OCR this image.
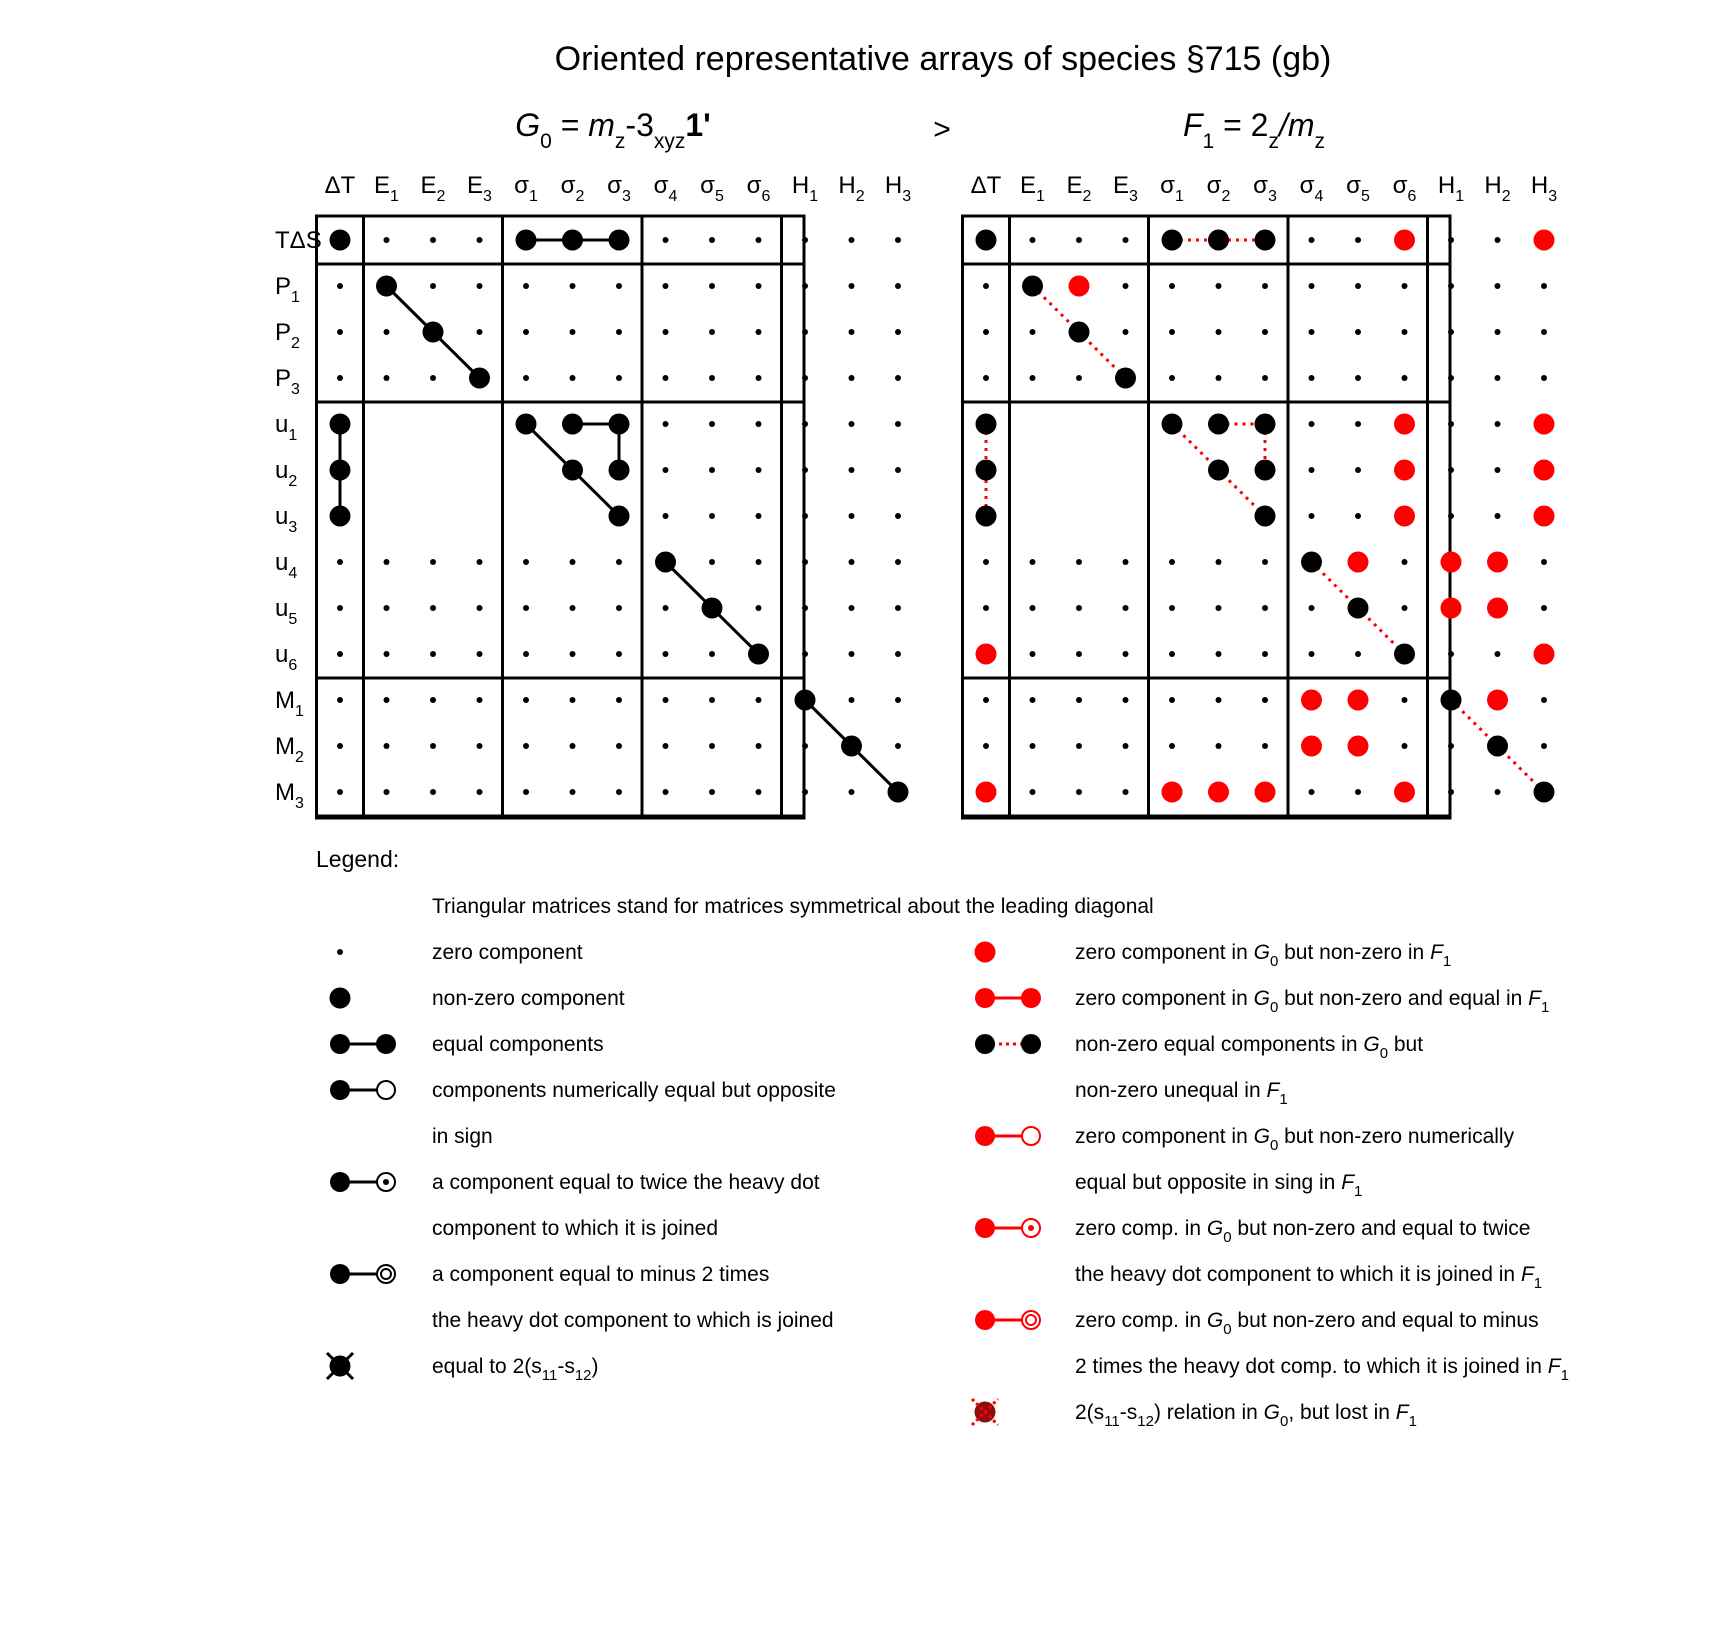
Oriented representative arrays of species §715 (gb)
$G_0 = m_z-3_{xyz}1'$	>	$F_1 = 2_z/m_z$
ΔT $E_1$ $E_2$ $E_3$ $\sigma_1$ $\sigma_2$ $\sigma_3$ $\sigma_4$ $\sigma_5$ $\sigma_6$ $H_1$ $H_2$ $H_3$
TΔS
$P_1$
$P_2$
$P_3$
$u_1$
$u_2$
$u_3$
$u_4$
$u_5$
$u_6$
$M_1$
$M_2$
$M_3$
ΔT $E_1$ $E_2$ $E_3$ $\sigma_1$ $\sigma_2$ $\sigma_3$ $\sigma_4$ $\sigma_5$ $\sigma_6$ $H_1$ $H_2$ $H_3$
Legend:
Triangular matrices stand for matrices symmetrical about the leading diagonal
zero component
non-zero component
equal components
components numerically equal but opposite
in sign
a component equal to twice the heavy dot
component to which it is joined
a component equal to minus 2 times
the heavy dot component to which is joined
equal to $2(s_{11}-s_{12})$
zero component in $G_0$ but non-zero in $F_1$
zero component in $G_0$ but non-zero and equal in $F_1$
non-zero equal components in $G_0$ but
non-zero unequal in $F_1$
zero component in $G_0$ but non-zero numerically
equal but opposite in sing in $F_1$
zero comp. in $G_0$ but non-zero and equal to twice
the heavy dot component to which it is joined in $F_1$
zero comp. in $G_0$ but non-zero and equal to minus
2 times the heavy dot comp. to which it is joined in $F_1$
$2(s_{11}-s_{12})$ relation in $G_0$, but lost in $F_1$
